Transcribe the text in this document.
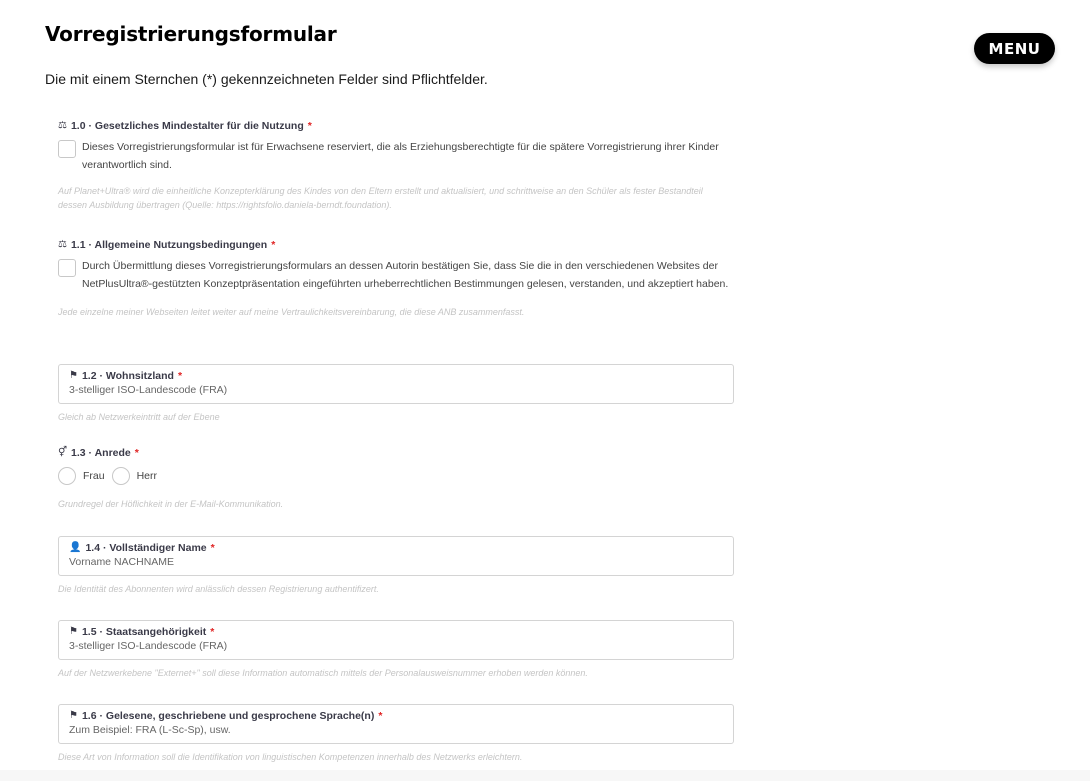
Vorregistrierungsformular
MENU

Die mit einem Sternchen (*) gekennzeichneten Felder sind Pflichtfelder.

⚖ 1.0 · Gesetzliches Mindestalter für die Nutzung *
Dieses Vorregistrierungsformular ist für Erwachsene reserviert, die als Erziehungsberechtigte für die spätere Vorregistrierung ihrer Kinder verantwortlich sind.
Auf Planet+Ultra® wird die einheitliche Konzepterklärung des Kindes von den Eltern erstellt und aktualisiert, und schrittweise an den Schüler als fester Bestandteil dessen Ausbildung übertragen (Quelle: https://rightsfolio.daniela-berndt.foundation).
⚖ 1.1 · Allgemeine Nutzungsbedingungen *
Durch Übermittlung dieses Vorregistrierungsformulars an dessen Autorin bestätigen Sie, dass Sie die in den verschiedenen Websites der NetPlusUltra®-gestützten Konzeptpräsentation eingeführten urheberrechtlichen Bestimmungen gelesen, verstanden, und akzeptiert haben.
Jede einzelne meiner Webseiten leitet weiter auf meine Vertraulichkeitsvereinbarung, die diese ANB zusammenfasst.
⚑ 1.2 · Wohnsitzland *
3-stelliger ISO-Landescode (FRA)
Gleich ab Netzwerkeintritt auf der Ebene
⚥ 1.3 · Anrede *
Frau	Herr
Grundregel der Höflichkeit in der E-Mail-Kommunikation.
👤 1.4 · Vollständiger Name *
Vorname NACHNAME
Die Identität des Abonnenten wird anlässlich dessen Registrierung authentifizert.
⚑ 1.5 · Staatsangehörigkeit *
3-stelliger ISO-Landescode (FRA)
Auf der Netzwerkebene "Externet+" soll diese Information automatisch mittels der Personalausweisnummer erhoben werden können.
⚑ 1.6 · Gelesene, geschriebene und gesprochene Sprache(n) *
Zum Beispiel: FRA (L-Sc-Sp), usw.
Diese Art von Information soll die Identifikation von linguistischen Kompetenzen innerhalb des Netzwerks erleichtern.
